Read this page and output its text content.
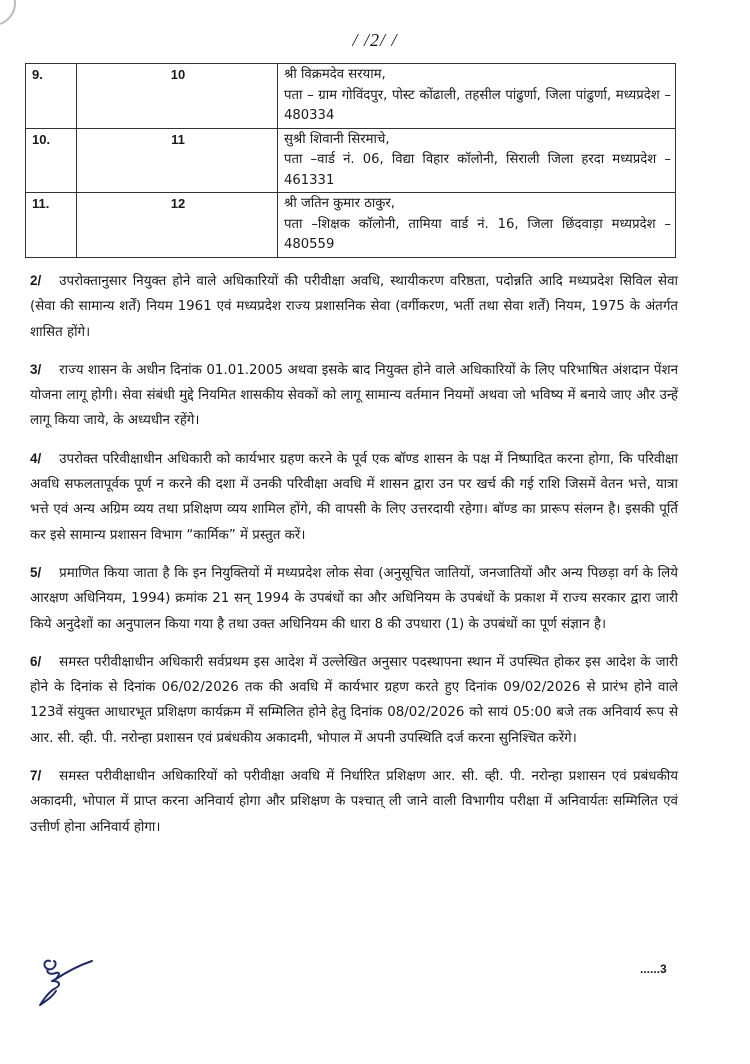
/ /2/ /
9.	10	श्री विक्रमदेव सरयाम,
पता – ग्राम गोविंदपुर, पोस्ट कोंढाली, तहसील पांढुर्णा, जिला पांढुर्णा, मध्यप्रदेश – 480334

10.	11	सुश्री शिवानी सिरमाचे,
पता –वार्ड नं. 06, विद्या विहार कॉलोनी, सिराली जिला हरदा मध्यप्रदेश – 461331

11.	12	श्री जतिन कुमार ठाकुर,
पता –शिक्षक कॉलोनी, तामिया वार्ड नं. 16, जिला छिंदवाड़ा मध्यप्रदेश – 480559

2/ उपरोक्तानुसार नियुक्त होने वाले अधिकारियों की परीवीक्षा अवधि, स्थायीकरण वरिष्ठता, पदोन्नति आदि मध्यप्रदेश सिविल सेवा (सेवा की सामान्य शर्तें) नियम 1961 एवं मध्यप्रदेश राज्य प्रशासनिक सेवा (वर्गीकरण, भर्ती तथा सेवा शर्तें) नियम, 1975 के अंतर्गत शासित होंगे।

3/ राज्य शासन के अधीन दिनांक 01.01.2005 अथवा इसके बाद नियुक्त होने वाले अधिकारियों के लिए परिभाषित अंशदान पेंशन योजना लागू होगी। सेवा संबंधी मुद्दे नियमित शासकीय सेवकों को लागू सामान्य वर्तमान नियमों अथवा जो भविष्य में बनाये जाए और उन्हें लागू किया जाये, के अध्यधीन रहेंगे।

4/ उपरोक्त परिवीक्षाधीन अधिकारी को कार्यभार ग्रहण करने के पूर्व एक बॉण्ड शासन के पक्ष में निष्पादित करना होगा, कि परिवीक्षा अवधि सफलतापूर्वक पूर्ण न करने की दशा में उनकी परिवीक्षा अवधि में शासन द्वारा उन पर खर्च की गई राशि जिसमें वेतन भत्ते, यात्रा भत्ते एवं अन्य अग्रिम व्यय तथा प्रशिक्षण व्यय शामिल होंगे, की वापसी के लिए उत्तरदायी रहेगा। बॉण्ड का प्रारूप संलग्न है। इसकी पूर्ति कर इसे सामान्य प्रशासन विभाग “कार्मिक” में प्रस्तुत करें।

5/ प्रमाणित किया जाता है कि इन नियुक्तियों में मध्यप्रदेश लोक सेवा (अनुसूचित जातियों, जनजातियों और अन्य पिछड़ा वर्ग के लिये आरक्षण अधिनियम, 1994) क्रमांक 21 सन् 1994 के उपबंधों का और अधिनियम के उपबंधों के प्रकाश में राज्य सरकार द्वारा जारी किये अनुदेशों का अनुपालन किया गया है तथा उक्त अधिनियम की धारा 8 की उपधारा (1) के उपबंधों का पूर्ण संज्ञान है।

6/ समस्त परीवीक्षाधीन अधिकारी सर्वप्रथम इस आदेश में उल्लेखित अनुसार पदस्थापना स्थान में उपस्थित होकर इस आदेश के जारी होने के दिनांक से दिनांक 06/02/2026 तक की अवधि में कार्यभार ग्रहण करते हुए दिनांक 09/02/2026 से प्रारंभ होने वाले 123वें संयुक्त आधारभूत प्रशिक्षण कार्यक्रम में सम्मिलित होने हेतु दिनांक 08/02/2026 को सायं 05:00 बजे तक अनिवार्य रूप से आर. सी. व्ही. पी. नरोन्हा प्रशासन एवं प्रबंधकीय अकादमी, भोपाल में अपनी उपस्थिति दर्ज करना सुनिश्चित करेंगे।

7/ समस्त परीवीक्षाधीन अधिकारियों को परीवीक्षा अवधि में निर्धारित प्रशिक्षण आर. सी. व्ही. पी. नरोन्हा प्रशासन एवं प्रबंधकीय अकादमी, भोपाल में प्राप्त करना अनिवार्य होगा और प्रशिक्षण के पश्चात् ली जाने वाली विभागीय परीक्षा में अनिवार्यतः सम्मिलित एवं उत्तीर्ण होना अनिवार्य होगा।

......3
